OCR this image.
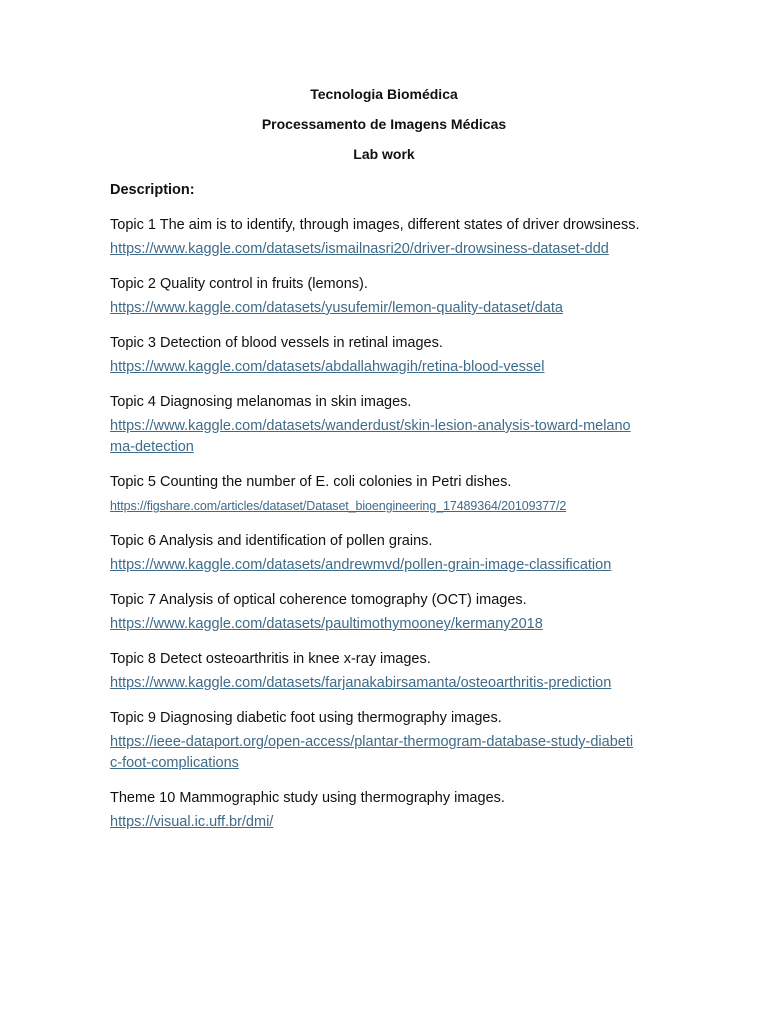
Tecnologia Biomédica
Processamento de Imagens Médicas
Lab work
Description:
Topic 1 The aim is to identify, through images, different states of driver drowsiness.
https://www.kaggle.com/datasets/ismailnasri20/driver-drowsiness-dataset-ddd
Topic 2 Quality control in fruits (lemons).
https://www.kaggle.com/datasets/yusufemir/lemon-quality-dataset/data
Topic 3 Detection of blood vessels in retinal images.
https://www.kaggle.com/datasets/abdallahwagih/retina-blood-vessel
Topic 4 Diagnosing melanomas in skin images.
https://www.kaggle.com/datasets/wanderdust/skin-lesion-analysis-toward-melanoma-detection
Topic 5 Counting the number of E. coli colonies in Petri dishes.
https://figshare.com/articles/dataset/Dataset_bioengineering_17489364/20109377/2
Topic 6 Analysis and identification of pollen grains.
https://www.kaggle.com/datasets/andrewmvd/pollen-grain-image-classification
Topic 7 Analysis of optical coherence tomography (OCT) images.
https://www.kaggle.com/datasets/paultimothymooney/kermany2018
Topic 8 Detect osteoarthritis in knee x-ray images.
https://www.kaggle.com/datasets/farjanakabirsamanta/osteoarthritis-prediction
Topic 9 Diagnosing diabetic foot using thermography images.
https://ieee-dataport.org/open-access/plantar-thermogram-database-study-diabetic-foot-complications
Theme 10 Mammographic study using thermography images.
https://visual.ic.uff.br/dmi/
